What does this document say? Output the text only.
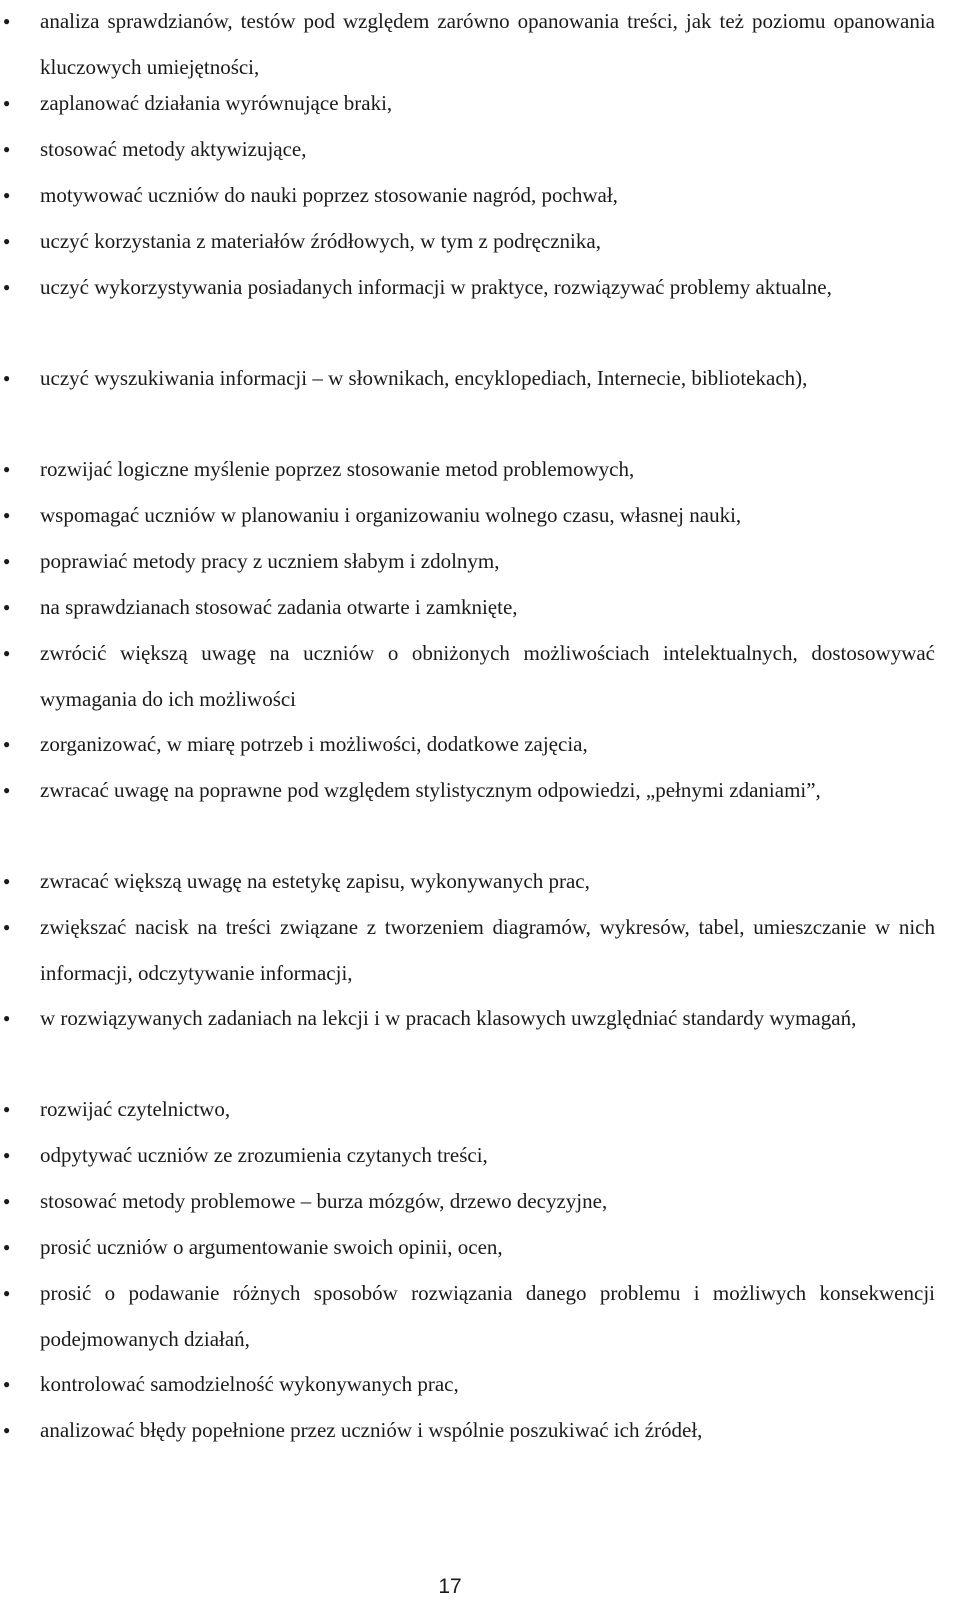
●
analiza sprawdzianów, testów pod względem zarówno opanowania treści, jak też poziomu opanowania kluczowych umiejętności,
●
zaplanować działania wyrównujące braki,
●
stosować metody aktywizujące,
●
motywować uczniów do nauki poprzez stosowanie nagród, pochwał,
●
uczyć korzystania z materiałów źródłowych, w tym z podręcznika,
●
uczyć wykorzystywania posiadanych informacji w praktyce, rozwiązywać problemy aktualne,
●
uczyć wyszukiwania informacji – w słownikach, encyklopediach, Internecie, bibliotekach),
●
rozwijać logiczne myślenie poprzez stosowanie metod problemowych,
●
wspomagać uczniów w planowaniu i organizowaniu wolnego czasu, własnej nauki,
●
poprawiać metody pracy z uczniem słabym i zdolnym,
●
na sprawdzianach stosować zadania otwarte i zamknięte,
●
zwrócić większą uwagę na uczniów o obniżonych możliwościach intelektualnych, dostosowywać wymagania do ich możliwości
●
zorganizować, w miarę potrzeb i możliwości, dodatkowe zajęcia,
●
zwracać uwagę na poprawne pod względem stylistycznym odpowiedzi, „pełnymi zdaniami”,
●
zwracać większą uwagę na estetykę zapisu, wykonywanych prac,
●
zwiększać nacisk na treści związane z tworzeniem diagramów, wykresów, tabel, umieszczanie w nich informacji, odczytywanie informacji,
●
w rozwiązywanych zadaniach na lekcji i w pracach klasowych uwzględniać standardy wymagań,
●
rozwijać czytelnictwo,
●
odpytywać uczniów ze zrozumienia czytanych treści,
●
stosować metody problemowe – burza mózgów, drzewo decyzyjne,
●
prosić uczniów o argumentowanie swoich opinii, ocen,
●
prosić o podawanie różnych sposobów rozwiązania danego problemu i możliwych konsekwencji podejmowanych działań,
●
kontrolować samodzielność wykonywanych prac,
●
analizować błędy popełnione przez uczniów i wspólnie poszukiwać ich źródeł,
17
